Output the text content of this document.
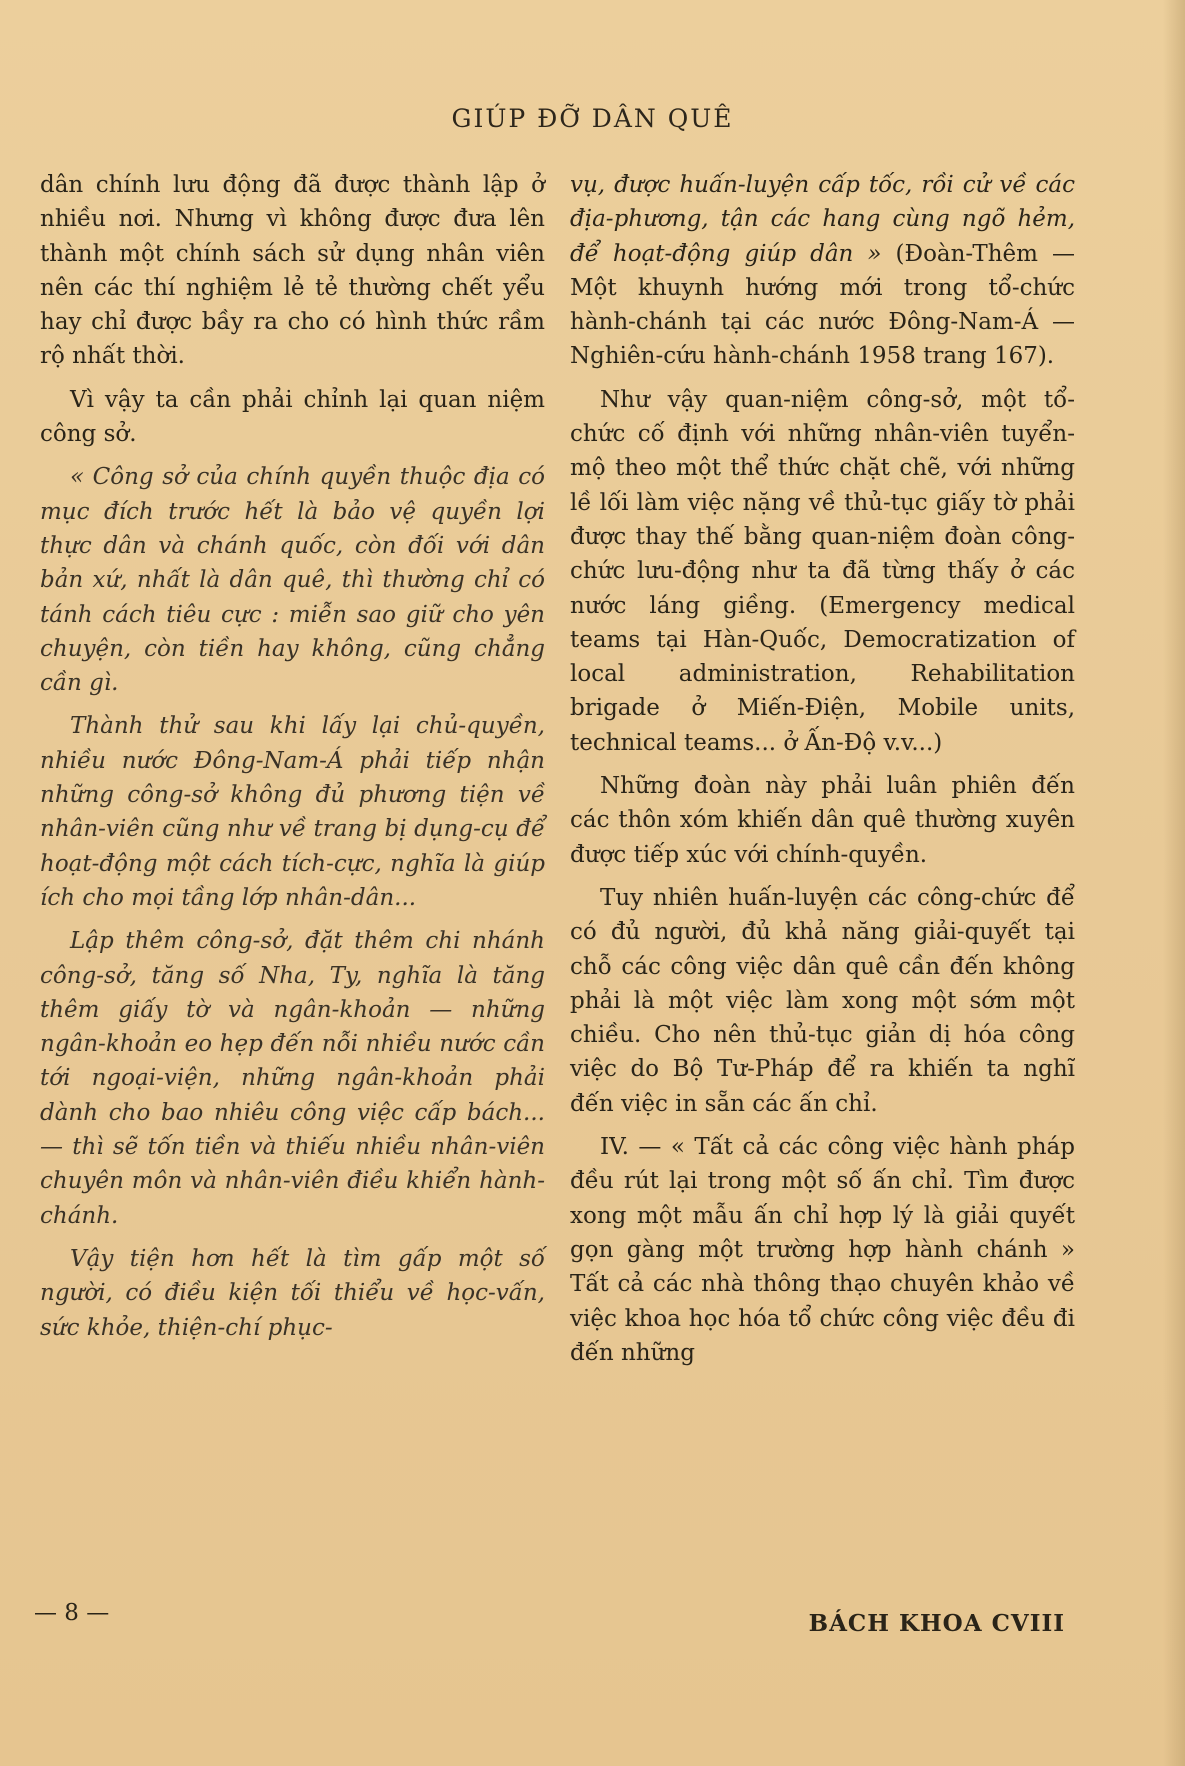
GIÚP ĐỠ DÂN QUÊ

dân chính lưu động đã được thành lập ở nhiều nơi. Nhưng vì không được đưa lên thành một chính sách sử dụng nhân viên nên các thí nghiệm lẻ tẻ thường chết yểu hay chỉ được bầy ra cho có hình thức rầm rộ nhất thời.

Vì vậy ta cần phải chỉnh lại quan niệm công sở.

« Công sở của chính quyền thuộc địa có mục đích trước hết là bảo vệ quyền lợi thực dân và chánh quốc, còn đối với dân bản xứ, nhất là dân quê, thì thường chỉ có tánh cách tiêu cực : miễn sao giữ cho yên chuyện, còn tiền hay không, cũng chẳng cần gì.

Thành thử sau khi lấy lại chủ-quyền, nhiều nước Đông-Nam-Á phải tiếp nhận những công-sở không đủ phương tiện về nhân-viên cũng như về trang bị dụng-cụ để hoạt-động một cách tích-cực, nghĩa là giúp ích cho mọi tầng lớp nhân-dân...

Lập thêm công-sở, đặt thêm chi nhánh công-sở, tăng số Nha, Ty, nghĩa là tăng thêm giấy tờ và ngân-khoản — những ngân-khoản eo hẹp đến nỗi nhiều nước cần tới ngoại-viện, những ngân-khoản phải dành cho bao nhiêu công việc cấp bách... — thì sẽ tốn tiền và thiếu nhiều nhân-viên chuyên môn và nhân-viên điều khiển hành-chánh.

Vậy tiện hơn hết là tìm gấp một số người, có điều kiện tối thiểu về học-vấn, sức khỏe, thiện-chí phục-

vụ, được huấn-luyện cấp tốc, rồi cử về các địa-phương, tận các hang cùng ngõ hẻm, để hoạt-động giúp dân » (Đoàn-Thêm — Một khuynh hướng mới trong tổ-chức hành-chánh tại các nước Đông-Nam-Á — Nghiên-cứu hành-chánh 1958 trang 167).

Như vậy quan-niệm công-sở, một tổ-chức cố định với những nhân-viên tuyển-mộ theo một thể thức chặt chẽ, với những lề lối làm việc nặng về thủ-tục giấy tờ phải được thay thế bằng quan-niệm đoàn công-chức lưu-động như ta đã từng thấy ở các nước láng giềng. (Emergency medical teams tại Hàn-Quốc, Democratization of local administration, Rehabilitation brigade ở Miến-Điện, Mobile units, technical teams... ở Ấn-Độ v.v...)

Những đoàn này phải luân phiên đến các thôn xóm khiến dân quê thường xuyên được tiếp xúc với chính-quyền.

Tuy nhiên huấn-luyện các công-chức để có đủ người, đủ khả năng giải-quyết tại chỗ các công việc dân quê cần đến không phải là một việc làm xong một sớm một chiều. Cho nên thủ-tục giản dị hóa công việc do Bộ Tư-Pháp để ra khiến ta nghĩ đến việc in sẵn các ấn chỉ.

IV. — « Tất cả các công việc hành pháp đều rút lại trong một số ấn chỉ. Tìm được xong một mẫu ấn chỉ hợp lý là giải quyết gọn gàng một trường hợp hành chánh » Tất cả các nhà thông thạo chuyên khảo về việc khoa học hóa tổ chức công việc đều đi đến những

— 8 —	BÁCH KHOA CVIII
